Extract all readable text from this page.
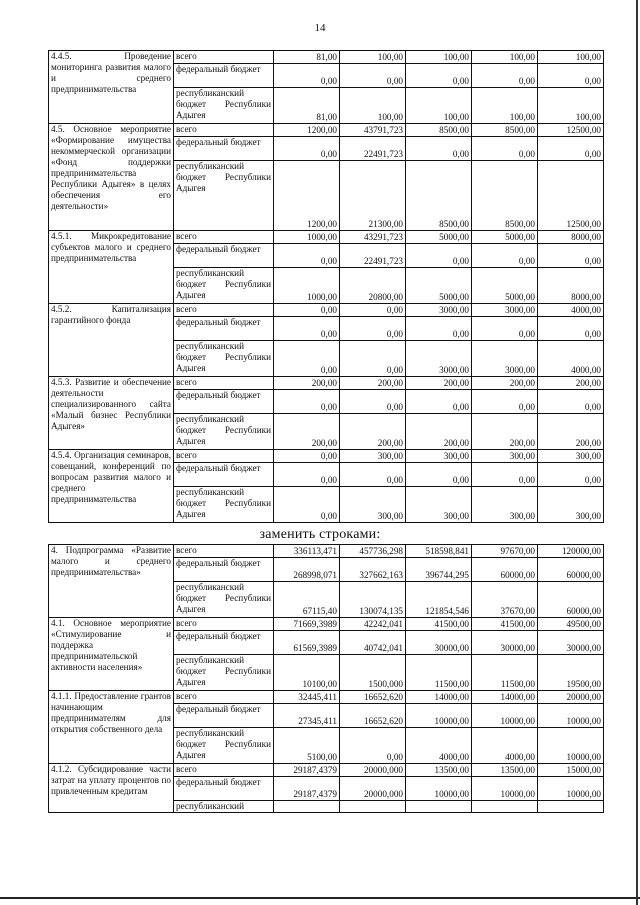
14
4.4.5. Проведение мониторинга развития малого и среднего предпринимательства	всего	81,00	100,00	100,00	100,00	100,00
	федеральный бюджет	0,00	0,00	0,00	0,00	0,00
	республиканский бюджет Республики Адыгея	81,00	100,00	100,00	100,00	100,00
4.5. Основное мероприятие «Формирование имущества некоммерческой организации «Фонд поддержки предпринимательства Республики Адыгея» в целях обеспечения его деятельности»	всего	1200,00	43791,723	8500,00	8500,00	12500,00
	федеральный бюджет	0,00	22491,723	0,00	0,00	0,00
	республиканский бюджет Республики Адыгея	1200,00	21300,00	8500,00	8500,00	12500,00
4.5.1. Микрокредитование субъектов малого и среднего предпринимательства	всего	1000,00	43291,723	5000,00	5000,00	8000,00
	федеральный бюджет	0,00	22491,723	0,00	0,00	0,00
	республиканский бюджет Республики Адыгея	1000,00	20800,00	5000,00	5000,00	8000,00
4.5.2. Капитализация гарантийного фонда	всего	0,00	0,00	3000,00	3000,00	4000,00
	федеральный бюджет	0,00	0,00	0,00	0,00	0,00
	республиканский бюджет Республики Адыгея	0,00	0,00	3000,00	3000,00	4000,00
4.5.3. Развитие и обеспечение деятельности специализированного сайта «Малый бизнес Республики Адыгея»	всего	200,00	200,00	200,00	200,00	200,00
	федеральный бюджет	0,00	0,00	0,00	0,00	0,00
	республиканский бюджет Республики Адыгея	200,00	200,00	200,00	200,00	200,00
4.5.4. Организация семинаров, совещаний, конференций по вопросам развития малого и среднего предпринимательства	всего	0,00	300,00	300,00	300,00	300,00
	федеральный бюджет	0,00	0,00	0,00	0,00	0,00
	республиканский бюджет Республики Адыгея	0,00	300,00	300,00	300,00	300,00
заменить строками:
4. Подпрограмма «Развитие малого и среднего предпринимательства»	всего	336113,471	457736,298	518598,841	97670,00	120000,00
	федеральный бюджет	268998,071	327662,163	396744,295	60000,00	60000,00
	республиканский бюджет Республики Адыгея	67115,40	130074,135	121854,546	37670,00	60000,00
4.1. Основное мероприятие «Стимулирование и поддержка предпринимательской активности населения»	всего	71669,3989	42242,041	41500,00	41500,00	49500,00
	федеральный бюджет	61569,3989	40742,041	30000,00	30000,00	30000,00
	республиканский бюджет Республики Адыгея	10100,00	1500,000	11500,00	11500,00	19500,00
4.1.1. Предоставление грантов начинающим предпринимателям для открытия собственного дела	всего	32445,411	16652,620	14000,00	14000,00	20000,00
	федеральный бюджет	27345,411	16652,620	10000,00	10000,00	10000,00
	республиканский бюджет Республики Адыгея	5100,00	0,00	4000,00	4000,00	10000,00
4.1.2. Субсидирование части затрат на уплату процентов по привлеченным кредитам	всего	29187,4379	20000,000	13500,00	13500,00	15000,00
	федеральный бюджет	29187,4379	20000,000	10000,00	10000,00	10000,00
	республиканский					
